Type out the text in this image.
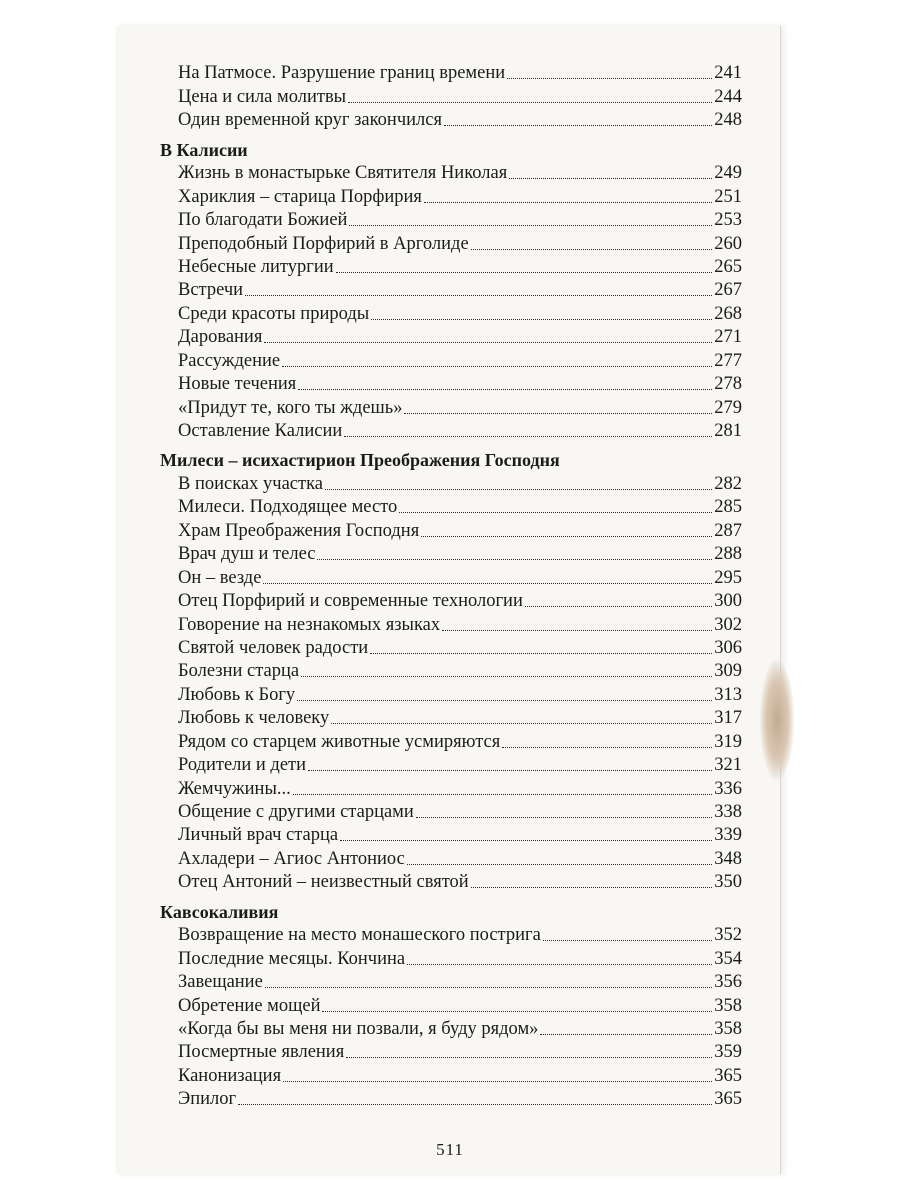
На Патмосе. Разрушение границ времени	241
Цена и сила молитвы	244
Один временной круг закончился	248
В Калисии
Жизнь в монастырьке Святителя Николая	249
Хариклия – старица Порфирия	251
По благодати Божией	253
Преподобный Порфирий в Арголиде	260
Небесные литургии	265
Встречи	267
Среди красоты природы	268
Дарования	271
Рассуждение	277
Новые течения	278
«Придут те, кого ты ждешь»	279
Оставление Калисии	281
Милеси – исихастирион Преображения Господня
В поисках участка	282
Милеси. Подходящее место	285
Храм Преображения Господня	287
Врач душ и телес	288
Он – везде	295
Отец Порфирий и современные технологии	300
Говорение на незнакомых языках	302
Святой человек радости	306
Болезни старца	309
Любовь к Богу	313
Любовь к человеку	317
Рядом со старцем животные усмиряются	319
Родители и дети	321
Жемчужины...	336
Общение с другими старцами	338
Личный врач старца	339
Ахладери – Агиос Антониос	348
Отец Антоний – неизвестный святой	350
Кавсокаливия
Возвращение на место монашеского пострига	352
Последние месяцы. Кончина	354
Завещание	356
Обретение мощей	358
«Когда бы вы меня ни позвали, я буду рядом»	358
Посмертные явления	359
Канонизация	365
Эпилог	365
511
